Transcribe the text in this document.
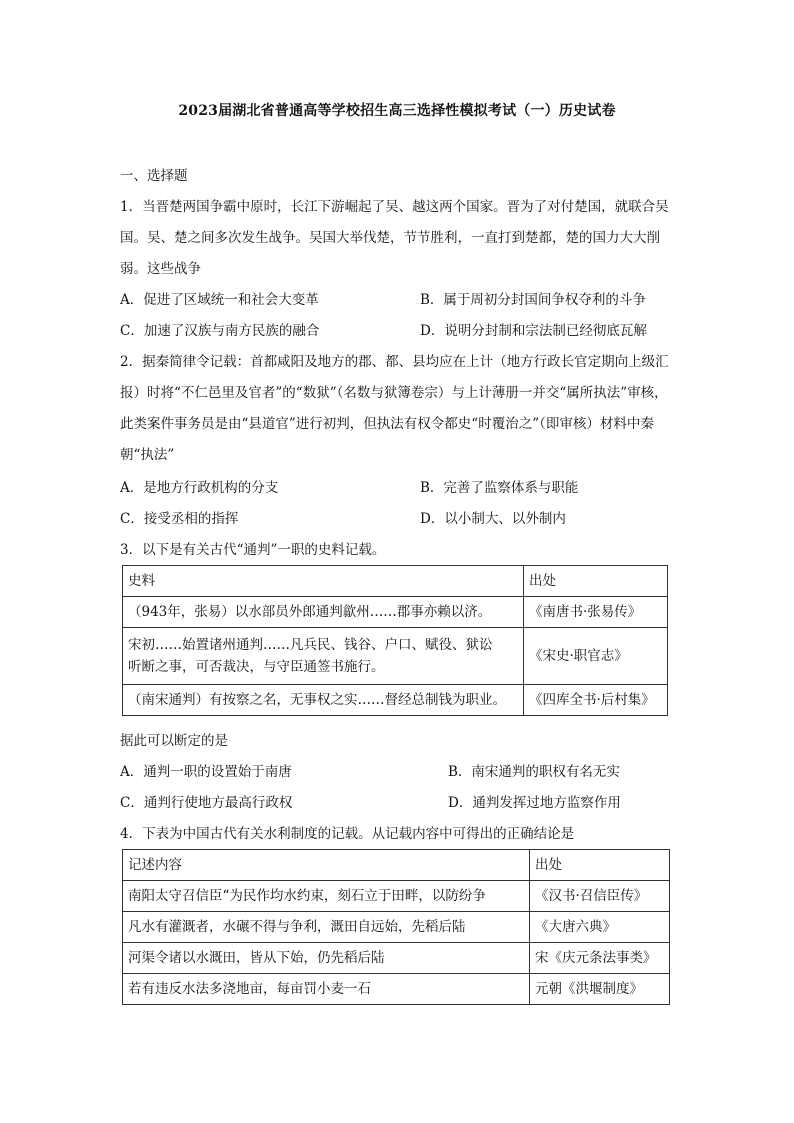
2023届湖北省普通高等学校招生高三选择性模拟考试（一）历史试卷
一、选择题
1．当晋楚两国争霸中原时，长江下游崛起了吴、越这两个国家。晋为了对付楚国，就联合吴国。吴、楚之间多次发生战争。吴国大举伐楚，节节胜利，一直打到楚都，楚的国力大大削弱。这些战争
A．促进了区域统一和社会大变革	B．属于周初分封国间争权夺利的斗争
C．加速了汉族与南方民族的融合	D．说明分封制和宗法制已经彻底瓦解
2．据秦简律令记载：首都咸阳及地方的郡、都、县均应在上计（地方行政长官定期向上级汇报）时将“不仁邑里及官者”的“数狱”（名数与狱簿卷宗）与上计薄册一并交“属所执法”审核，此类案件事务员是由“县道官”进行初判，但执法有权令都史“时覆治之”（即审核）材料中秦朝“执法”
A．是地方行政机构的分支	B．完善了监察体系与职能
C．接受丞相的指挥	D．以小制大、以外制内
3．以下是有关古代“通判”一职的史料记载。
史料	出处
（943年，张易）以水部员外郎通判歙州……郡事亦赖以济。	《南唐书·张易传》

宋初……始置诸州通判……凡兵民、钱谷、户口、赋役、狱讼
听断之事，可否裁决，与守臣通签书施行。	《宋史·职官志》
（南宋通判）有按察之名，无事权之实……督经总制钱为职业。	《四库全书·后村集》
据此可以断定的是
A．通判一职的设置始于南唐	B．南宋通判的职权有名无实
C．通判行使地方最高行政权	D．通判发挥过地方监察作用
4．下表为中国古代有关水利制度的记载。从记载内容中可得出的正确结论是
记述内容	出处
南阳太守召信臣“为民作均水约束，刻石立于田畔，以防纷争	《汉书·召信臣传》
凡水有灌溉者，水碾不得与争利，溉田自远始，先稻后陆	《大唐六典》
河渠令诸以水溉田，皆从下始，仍先稻后陆	宋《庆元条法事类》
若有违反水法多浇地亩，每亩罚小麦一石	元朝《洪堰制度》
